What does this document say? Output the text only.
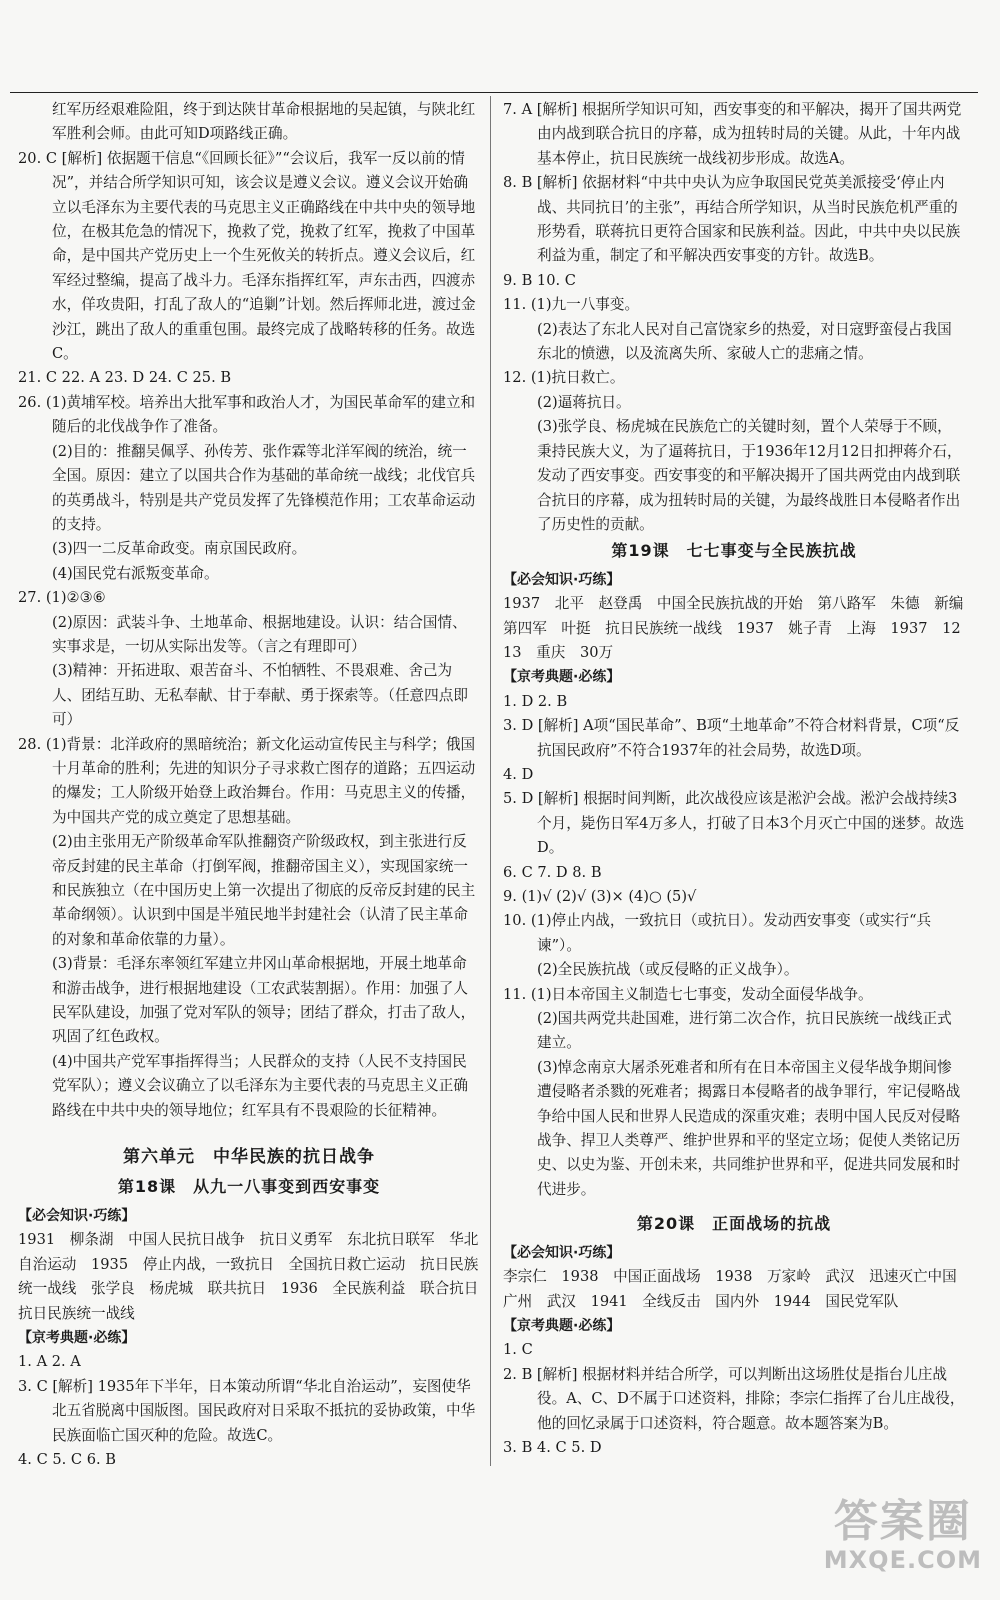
红军历经艰难险阻，终于到达陕甘革命根据地的吴起镇，与陕北红军胜利会师。由此可知D项路线正确。

20. C [解析] 依据题干信息“《回顾长征》”“会议后，我军一反以前的情况”，并结合所学知识可知，该会议是遵义会议。遵义会议开始确立以毛泽东为主要代表的马克思主义正确路线在中共中央的领导地位，在极其危急的情况下，挽救了党，挽救了红军，挽救了中国革命，是中国共产党历史上一个生死攸关的转折点。遵义会议后，红军经过整编，提高了战斗力。毛泽东指挥红军，声东击西，四渡赤水，佯攻贵阳，打乱了敌人的“追剿”计划。然后挥师北进，渡过金沙江，跳出了敌人的重重包围。最终完成了战略转移的任务。故选C。

21. C 22. A 23. D 24. C 25. B

26. (1)黄埔军校。培养出大批军事和政治人才，为国民革命军的建立和随后的北伐战争作了准备。

(2)目的：推翻吴佩孚、孙传芳、张作霖等北洋军阀的统治，统一全国。原因：建立了以国共合作为基础的革命统一战线；北伐官兵的英勇战斗，特别是共产党员发挥了先锋模范作用；工农革命运动的支持。

(3)四一二反革命政变。南京国民政府。

(4)国民党右派叛变革命。

27. (1)②③⑥

(2)原因：武装斗争、土地革命、根据地建设。认识：结合国情、实事求是，一切从实际出发等。（言之有理即可）

(3)精神：开拓进取、艰苦奋斗、不怕牺牲、不畏艰难、舍己为人、团结互助、无私奉献、甘于奉献、勇于探索等。（任意四点即可）

28. (1)背景：北洋政府的黑暗统治；新文化运动宣传民主与科学；俄国十月革命的胜利；先进的知识分子寻求救亡图存的道路；五四运动的爆发；工人阶级开始登上政治舞台。作用：马克思主义的传播，为中国共产党的成立奠定了思想基础。

(2)由主张用无产阶级革命军队推翻资产阶级政权，到主张进行反帝反封建的民主革命（打倒军阀，推翻帝国主义），实现国家统一和民族独立（在中国历史上第一次提出了彻底的反帝反封建的民主革命纲领）。认识到中国是半殖民地半封建社会（认清了民主革命的对象和革命依靠的力量）。

(3)背景：毛泽东率领红军建立井冈山革命根据地，开展土地革命和游击战争，进行根据地建设（工农武装割据）。作用：加强了人民军队建设，加强了党对军队的领导；团结了群众，打击了敌人，巩固了红色政权。

(4)中国共产党军事指挥得当；人民群众的支持（人民不支持国民党军队）；遵义会议确立了以毛泽东为主要代表的马克思主义正确路线在中共中央的领导地位；红军具有不畏艰险的长征精神。

第六单元　中华民族的抗日战争
第18课　从九一八事变到西安事变

【必会知识·巧练】

1931　柳条湖　中国人民抗日战争　抗日义勇军　东北抗日联军　华北自治运动　1935　停止内战，一致抗日　全国抗日救亡运动　抗日民族统一战线　张学良　杨虎城　联共抗日　1936　全民族利益　联合抗日　抗日民族统一战线

【京考典题·必练】

1. A 2. A

3. C [解析] 1935年下半年，日本策动所谓“华北自治运动”，妄图使华北五省脱离中国版图。国民政府对日采取不抵抗的妥协政策，中华民族面临亡国灭种的危险。故选C。

4. C 5. C 6. B

7. A [解析] 根据所学知识可知，西安事变的和平解决，揭开了国共两党由内战到联合抗日的序幕，成为扭转时局的关键。从此，十年内战基本停止，抗日民族统一战线初步形成。故选A。

8. B [解析] 依据材料“中共中央认为应争取国民党英美派接受‘停止内战、共同抗日’的主张”，再结合所学知识，从当时民族危机严重的形势看，联蒋抗日更符合国家和民族利益。因此，中共中央以民族利益为重，制定了和平解决西安事变的方针。故选B。

9. B 10. C

11. (1)九一八事变。

(2)表达了东北人民对自己富饶家乡的热爱，对日寇野蛮侵占我国东北的愤懑，以及流离失所、家破人亡的悲痛之情。

12. (1)抗日救亡。

(2)逼蒋抗日。

(3)张学良、杨虎城在民族危亡的关键时刻，置个人荣辱于不顾，秉持民族大义，为了逼蒋抗日，于1936年12月12日扣押蒋介石，发动了西安事变。西安事变的和平解决揭开了国共两党由内战到联合抗日的序幕，成为扭转时局的关键，为最终战胜日本侵略者作出了历史性的贡献。

第19课　七七事变与全民族抗战

【必会知识·巧练】

1937　北平　赵登禹　中国全民族抗战的开始　第八路军　朱德　新编第四军　叶挺　抗日民族统一战线　1937　姚子青　上海　1937　12　13　重庆　30万

【京考典题·必练】

1. D 2. B

3. D [解析] A项“国民革命”、B项“土地革命”不符合材料背景，C项“反抗国民政府”不符合1937年的社会局势，故选D项。

4. D

5. D [解析] 根据时间判断，此次战役应该是淞沪会战。淞沪会战持续3个月，毙伤日军4万多人，打破了日本3个月灭亡中国的迷梦。故选D。

6. C 7. D 8. B

9. (1)√ (2)√ (3)× (4)○ (5)√

10. (1)停止内战，一致抗日（或抗日）。发动西安事变（或实行“兵谏”）。

(2)全民族抗战（或反侵略的正义战争）。

11. (1)日本帝国主义制造七七事变，发动全面侵华战争。

(2)国共两党共赴国难，进行第二次合作，抗日民族统一战线正式建立。

(3)悼念南京大屠杀死难者和所有在日本帝国主义侵华战争期间惨遭侵略者杀戮的死难者；揭露日本侵略者的战争罪行，牢记侵略战争给中国人民和世界人民造成的深重灾难；表明中国人民反对侵略战争、捍卫人类尊严、维护世界和平的坚定立场；促使人类铭记历史、以史为鉴、开创未来，共同维护世界和平，促进共同发展和时代进步。

第20课　正面战场的抗战

【必会知识·巧练】

李宗仁　1938　中国正面战场　1938　万家岭　武汉　迅速灭亡中国　广州　武汉　1941　全线反击　国内外　1944　国民党军队

【京考典题·必练】

1. C

2. B [解析] 根据材料并结合所学，可以判断出这场胜仗是指台儿庄战役。A、C、D不属于口述资料，排除；李宗仁指挥了台儿庄战役，他的回忆录属于口述资料，符合题意。故本题答案为B。

3. B 4. C 5. D

答案圈
MXQE.COM
